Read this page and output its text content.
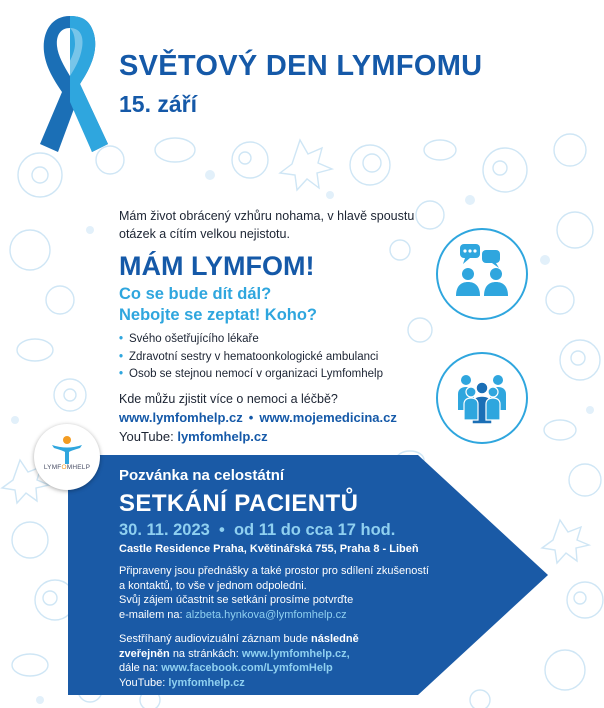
SVĚTOVÝ DEN LYMFOMU
15. září
Mám život obrácený vzhůru nohama, v hlavě spoustu otázek a cítím velkou nejistotu.
MÁM LYMFOM!
Co se bude dít dál?
Nebojte se zeptat! Koho?
• Svého ošetřujícího lékaře
• Zdravotní sestry v hematoonkologické ambulanci
• Osob se stejnou nemocí v organizaci Lymfomhelp
Kde můžu zjistit více o nemoci a léčbě?
www.lymfomhelp.cz • www.mojemedicina.cz
YouTube: lymfomhelp.cz
LYMFOMHELP	Pozvánka na celostátní
SETKÁNÍ PACIENTŮ
30. 11. 2023  •  od 11 do cca 17 hod.
Castle Residence Praha, Květinářská 755, Praha 8 - Libeň
Připraveny jsou přednášky a také prostor pro sdílení zkušeností
a kontaktů, to vše v jednom odpoledni.
Svůj zájem účastnit se setkání prosíme potvrďte
e-mailem na: alzbeta.hynkova@lymfomhelp.cz
Sestříhaný audiovizuální záznam bude následně
zveřejněn na stránkách: www.lymfomhelp.cz,
dále na: www.facebook.com/LymfomHelp
YouTube: lymfomhelp.cz
